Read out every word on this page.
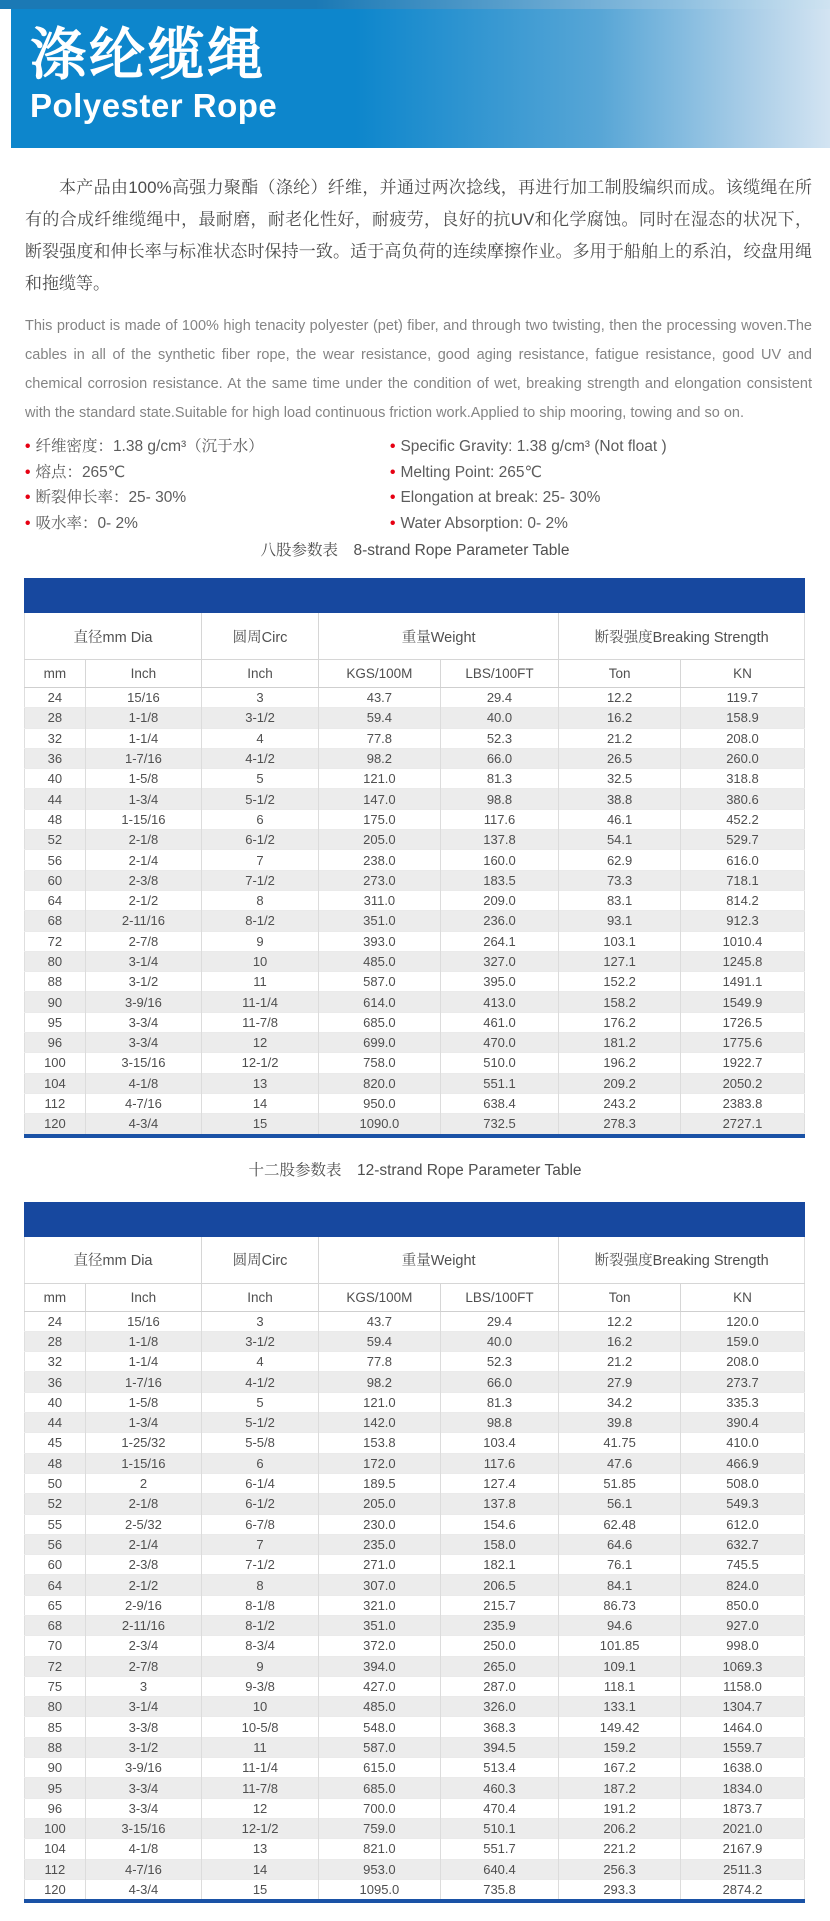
涤纶缆绳
Polyester Rope

本产品由100%高强力聚酯（涤纶）纤维，并通过两次捻线，再进行加工制股编织而成。该缆绳在所有的合成纤维缆绳中，最耐磨，耐老化性好，耐疲劳，良好的抗UV和化学腐蚀。同时在湿态的状况下，断裂强度和伸长率与标准状态时保持一致。适于高负荷的连续摩擦作业。多用于船舶上的系泊，绞盘用绳和拖缆等。

This product is made of 100% high tenacity polyester (pet) fiber, and through two twisting, then the processing woven.The cables in all of the synthetic fiber rope, the wear resistance, good aging resistance, fatigue resistance, good UV and chemical corrosion resistance. At the same time under the condition of wet, breaking strength and elongation consistent with the standard state.Suitable for high load continuous friction work.Applied to ship mooring, towing and so on.

• 纤维密度：1.38 g/cm³（沉于水）
• 熔点：265℃
• 断裂伸长率：25- 30%
• 吸水率：0- 2%
• Specific Gravity: 1.38 g/cm³ (Not float )
• Melting Point: 265℃
• Elongation at break: 25- 30%
• Water Absorption: 0- 2%
八股参数表　8-strand Rope Parameter Table
直径mm Dia		圆周Circ	重量Weight		断裂强度Breaking Strength	
mm	Inch	Inch	KGS/100M	LBS/100FT	Ton	KN
24	15/16	3	43.7	29.4	12.2	119.7
28	1-1/8	3-1/2	59.4	40.0	16.2	158.9
32	1-1/4	4	77.8	52.3	21.2	208.0
36	1-7/16	4-1/2	98.2	66.0	26.5	260.0
40	1-5/8	5	121.0	81.3	32.5	318.8
44	1-3/4	5-1/2	147.0	98.8	38.8	380.6
48	1-15/16	6	175.0	117.6	46.1	452.2
52	2-1/8	6-1/2	205.0	137.8	54.1	529.7
56	2-1/4	7	238.0	160.0	62.9	616.0
60	2-3/8	7-1/2	273.0	183.5	73.3	718.1
64	2-1/2	8	311.0	209.0	83.1	814.2
68	2-11/16	8-1/2	351.0	236.0	93.1	912.3
72	2-7/8	9	393.0	264.1	103.1	1010.4
80	3-1/4	10	485.0	327.0	127.1	1245.8
88	3-1/2	11	587.0	395.0	152.2	1491.1
90	3-9/16	11-1/4	614.0	413.0	158.2	1549.9
95	3-3/4	11-7/8	685.0	461.0	176.2	1726.5
96	3-3/4	12	699.0	470.0	181.2	1775.6
100	3-15/16	12-1/2	758.0	510.0	196.2	1922.7
104	4-1/8	13	820.0	551.1	209.2	2050.2
112	4-7/16	14	950.0	638.4	243.2	2383.8
120	4-3/4	15	1090.0	732.5	278.3	2727.1
十二股参数表　12-strand Rope Parameter Table
直径mm Dia		圆周Circ	重量Weight		断裂强度Breaking Strength	
mm	Inch	Inch	KGS/100M	LBS/100FT	Ton	KN
24	15/16	3	43.7	29.4	12.2	120.0
28	1-1/8	3-1/2	59.4	40.0	16.2	159.0
32	1-1/4	4	77.8	52.3	21.2	208.0
36	1-7/16	4-1/2	98.2	66.0	27.9	273.7
40	1-5/8	5	121.0	81.3	34.2	335.3
44	1-3/4	5-1/2	142.0	98.8	39.8	390.4
45	1-25/32	5-5/8	153.8	103.4	41.75	410.0
48	1-15/16	6	172.0	117.6	47.6	466.9
50	2	6-1/4	189.5	127.4	51.85	508.0
52	2-1/8	6-1/2	205.0	137.8	56.1	549.3
55	2-5/32	6-7/8	230.0	154.6	62.48	612.0
56	2-1/4	7	235.0	158.0	64.6	632.7
60	2-3/8	7-1/2	271.0	182.1	76.1	745.5
64	2-1/2	8	307.0	206.5	84.1	824.0
65	2-9/16	8-1/8	321.0	215.7	86.73	850.0
68	2-11/16	8-1/2	351.0	235.9	94.6	927.0
70	2-3/4	8-3/4	372.0	250.0	101.85	998.0
72	2-7/8	9	394.0	265.0	109.1	1069.3
75	3	9-3/8	427.0	287.0	118.1	1158.0
80	3-1/4	10	485.0	326.0	133.1	1304.7
85	3-3/8	10-5/8	548.0	368.3	149.42	1464.0
88	3-1/2	11	587.0	394.5	159.2	1559.7
90	3-9/16	11-1/4	615.0	513.4	167.2	1638.0
95	3-3/4	11-7/8	685.0	460.3	187.2	1834.0
96	3-3/4	12	700.0	470.4	191.2	1873.7
100	3-15/16	12-1/2	759.0	510.1	206.2	2021.0
104	4-1/8	13	821.0	551.7	221.2	2167.9
112	4-7/16	14	953.0	640.4	256.3	2511.3
120	4-3/4	15	1095.0	735.8	293.3	2874.2
